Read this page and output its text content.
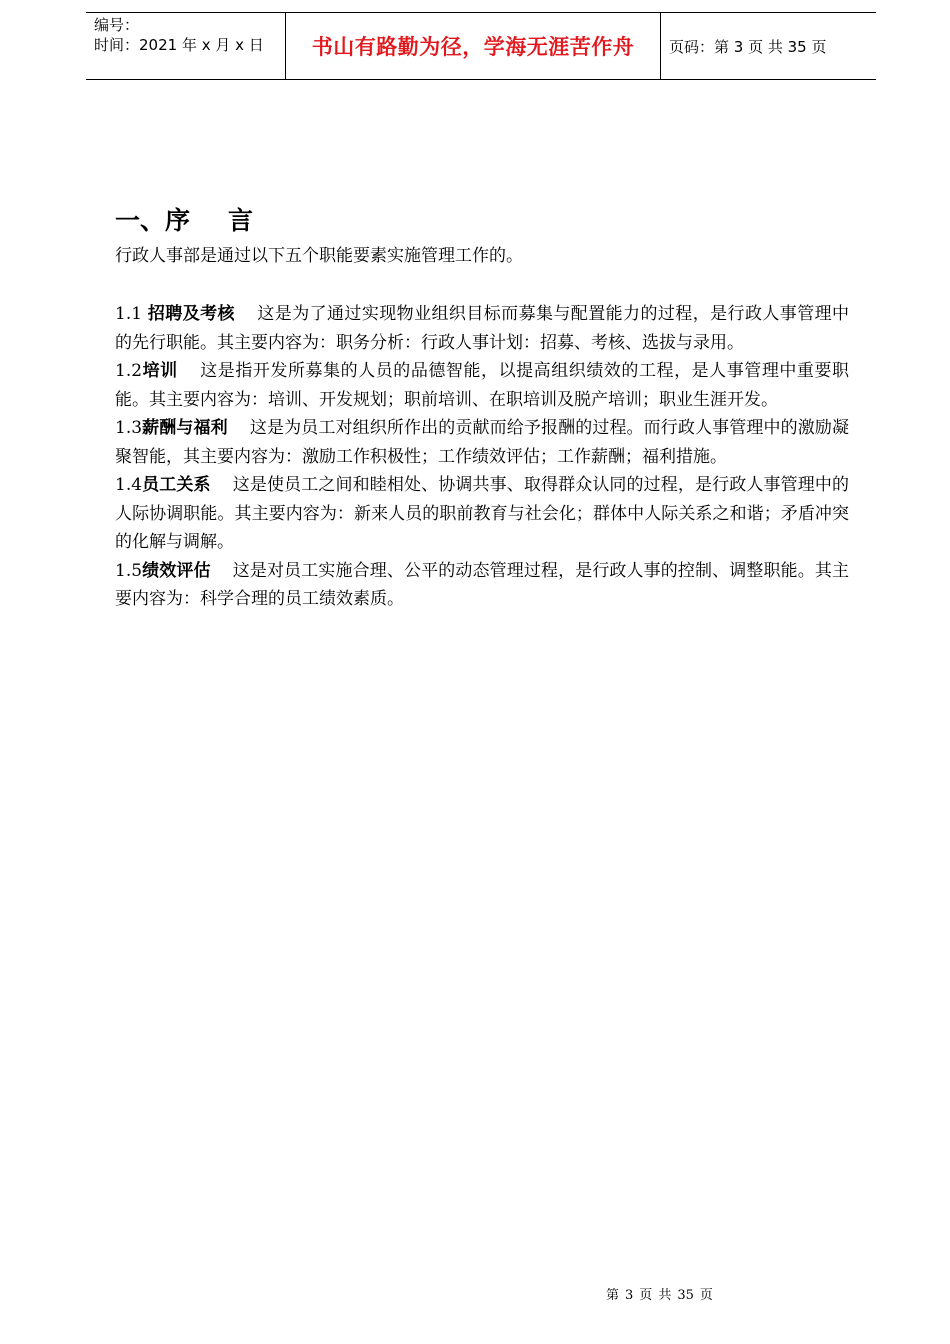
编号：
时间：2021 年 x 月 x 日	书山有路勤为径，学海无涯苦作舟 页码：第 3 页 共 35 页
一、序 言

行政人事部是通过以下五个职能要素实施管理工作的。

1.1 招聘及考核 这是为了通过实现物业组织目标而募集与配置能力的过程，是行政人事管理中的先行职能。其主要内容为：职务分析：行政人事计划：招募、考核、选拔与录用。

1.2培训 这是指开发所募集的人员的品德智能，以提高组织绩效的工程，是人事管理中重要职能。其主要内容为：培训、开发规划；职前培训、在职培训及脱产培训；职业生涯开发。

1.3薪酬与福利 这是为员工对组织所作出的贡献而给予报酬的过程。而行政人事管理中的激励凝聚智能，其主要内容为：激励工作积极性；工作绩效评估；工作薪酬；福利措施。

1.4员工关系 这是使员工之间和睦相处、协调共事、取得群众认同的过程，是行政人事管理中的人际协调职能。其主要内容为：新来人员的职前教育与社会化；群体中人际关系之和谐；矛盾冲突的化解与调解。

1.5绩效评估 这是对员工实施合理、公平的动态管理过程，是行政人事的控制、调整职能。其主要内容为：科学合理的员工绩效素质。

第 3 页 共 35 页
